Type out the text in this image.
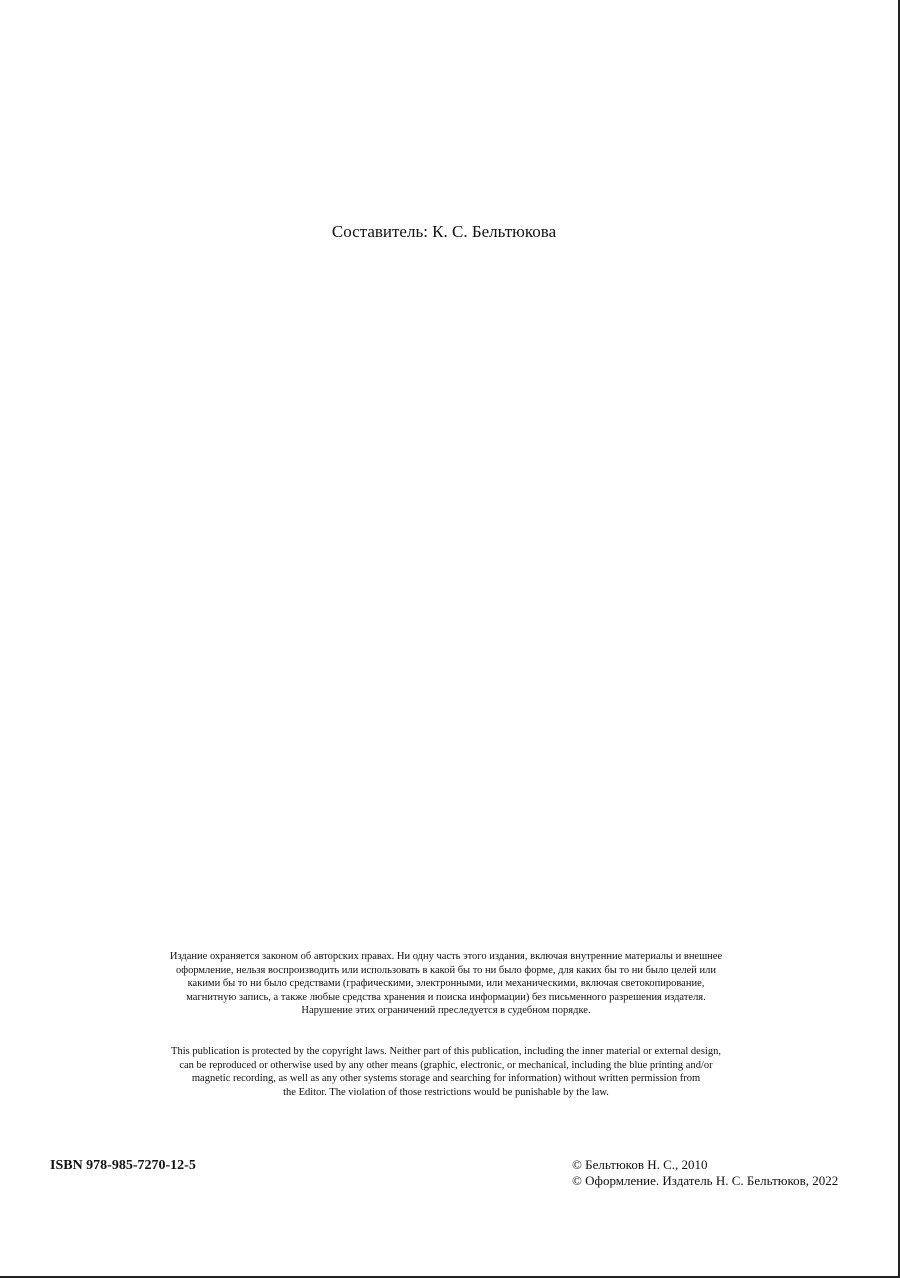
Составитель: К. С. Бельтюкова

Издание охраняется законом об авторских правах. Ни одну часть этого издания, включая внутренние материалы и внешнее

оформление, нельзя воспроизводить или использовать в какой бы то ни было форме, для каких бы то ни было целей или

какими бы то ни было средствами (графическими, электронными, или механическими, включая светокопирование,

магнитную запись, а также любые средства хранения и поиска информации) без письменного разрешения издателя.

Нарушение этих ограничений преследуется в судебном порядке.

This publication is protected by the copyright laws. Neither part of this publication, including the inner material or external design,

can be reproduced or otherwise used by any other means (graphic, electronic, or mechanical, including the blue printing and/or

magnetic recording, as well as any other systems storage and searching for information) without written permission from

the Editor. The violation of those restrictions would be punishable by the law.

ISBN 978-985-7270-12-5	© Бельтюков Н. С., 2010
© Оформление. Издатель Н. С. Бельтюков, 2022
